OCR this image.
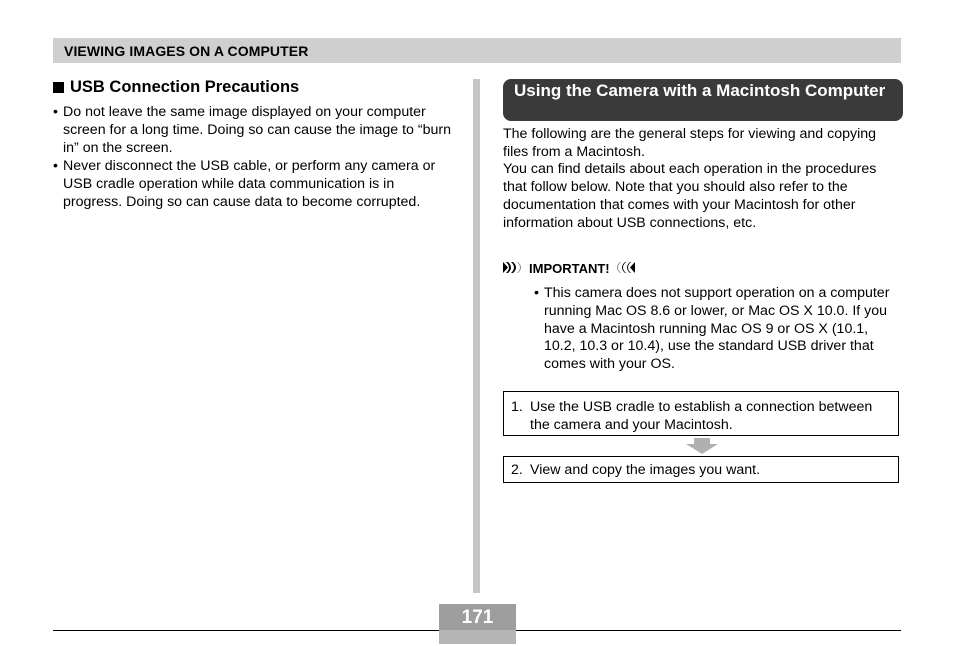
VIEWING IMAGES ON A COMPUTER
USB Connection Precautions
• Do not leave the same image displayed on your computer screen for a long time. Doing so can cause the image to “burn in” on the screen.
• Never disconnect the USB cable, or perform any camera or USB cradle operation while data communication is in progress. Doing so can cause data to become corrupted.
Using the Camera with a Macintosh Computer

The following are the general steps for viewing and copying files from a Macintosh.
You can find details about each operation in the procedures that follow below. Note that you should also refer to the documentation that comes with your Macintosh for other information about USB connections, etc.

IMPORTANT!
• This camera does not support operation on a computer running Mac OS 8.6 or lower, or Mac OS X 10.0. If you have a Macintosh running Mac OS 9 or OS X (10.1, 10.2, 10.3 or 10.4), use the standard USB driver that comes with your OS.
1. Use the USB cradle to establish a connection between the camera and your Macintosh.
2. View and copy the images you want.
171
